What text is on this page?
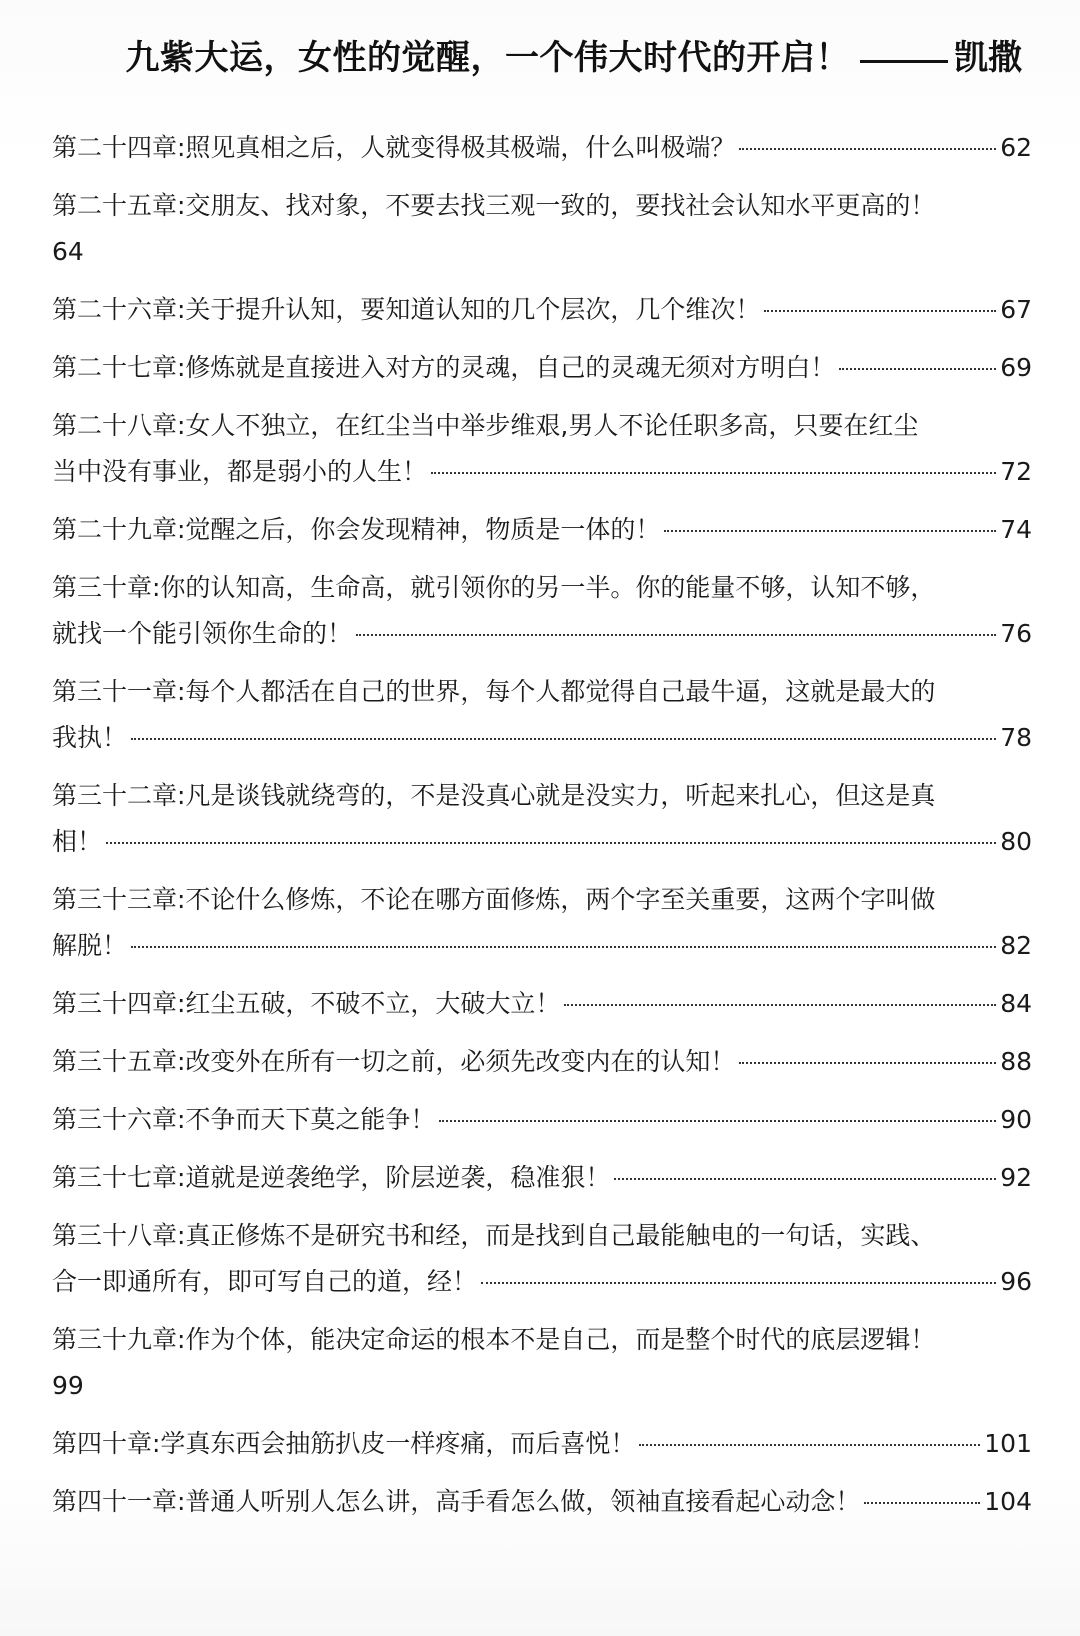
九紫大运，女性的觉醒，一个伟大时代的开启！	凯撒
第二十四章:照见真相之后，人就变得极其极端，什么叫极端？	62
第二十五章:交朋友、找对象，不要去找三观一致的，要找社会认知水平更高的！
64
第二十六章:关于提升认知，要知道认知的几个层次，几个维次！	67
第二十七章:修炼就是直接进入对方的灵魂，自己的灵魂无须对方明白！	69
第二十八章:女人不独立，在红尘当中举步维艰,男人不论任职多高，只要在红尘
当中没有事业，都是弱小的人生！	72
第二十九章:觉醒之后，你会发现精神，物质是一体的！	74
第三十章:你的认知高，生命高，就引领你的另一半。你的能量不够，认知不够，
就找一个能引领你生命的！	76
第三十一章:每个人都活在自己的世界，每个人都觉得自己最牛逼，这就是最大的
我执！	78
第三十二章:凡是谈钱就绕弯的，不是没真心就是没实力，听起来扎心，但这是真
相！	80
第三十三章:不论什么修炼，不论在哪方面修炼，两个字至关重要，这两个字叫做
解脱！	82
第三十四章:红尘五破，不破不立，大破大立！	84
第三十五章:改变外在所有一切之前，必须先改变内在的认知！	88
第三十六章:不争而天下莫之能争！	90
第三十七章:道就是逆袭绝学，阶层逆袭，稳准狠！	92
第三十八章:真正修炼不是研究书和经，而是找到自己最能触电的一句话，实践、
合一即通所有，即可写自己的道，经！	96
第三十九章:作为个体，能决定命运的根本不是自己，而是整个时代的底层逻辑！
99
第四十章:学真东西会抽筋扒皮一样疼痛，而后喜悦！	101
第四十一章:普通人听别人怎么讲，高手看怎么做，领袖直接看起心动念！	104
